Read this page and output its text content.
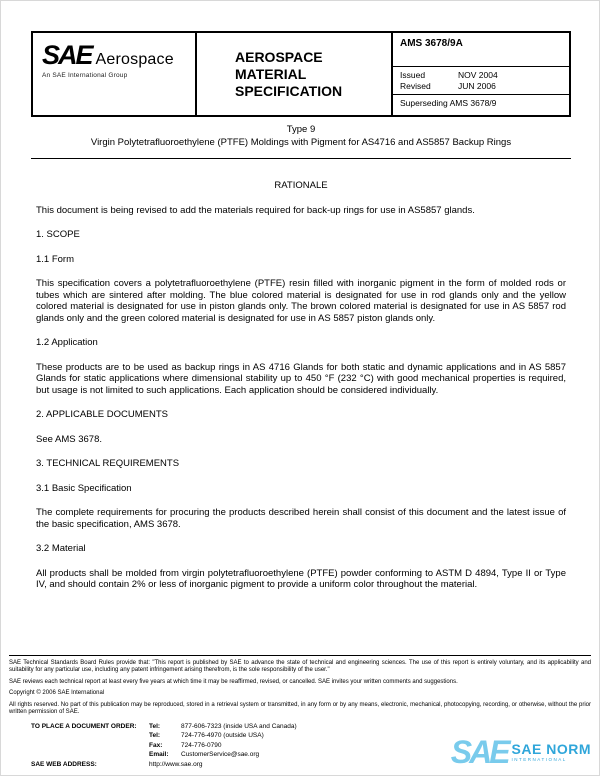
SAE Aerospace
An SAE International Group
AEROSPACE MATERIAL SPECIFICATION
AMS 3678/9A
Issued	NOV 2004
Revised	JUN 2006
Superseding AMS 3678/9
Type 9
Virgin Polytetrafluoroethylene (PTFE) Moldings with Pigment for AS4716 and AS5857 Backup Rings

RATIONALE

This document is being revised to add the materials required for back-up rings for use in AS5857 glands.

1. SCOPE

1.1 Form

This specification covers a polytetrafluoroethylene (PTFE) resin filled with inorganic pigment in the form of molded rods or tubes which are sintered after molding. The blue colored material is designated for use in rod glands only and the yellow colored material is designated for use in piston glands only. The brown colored material is designated for use in AS 5857 rod glands only and the green colored material is designated for use in AS 5857 piston glands only.

1.2 Application

These products are to be used as backup rings in AS 4716 Glands for both static and dynamic applications and in AS 5857 Glands for static applications where dimensional stability up to 450 °F (232 °C) with good mechanical properties is required, but usage is not limited to such applications. Each application should be considered individually.

2. APPLICABLE DOCUMENTS

See AMS 3678.

3. TECHNICAL REQUIREMENTS

3.1 Basic Specification

The complete requirements for procuring the products described herein shall consist of this document and the latest issue of the basic specification, AMS 3678.

3.2 Material

All products shall be molded from virgin polytetrafluoroethylene (PTFE) powder conforming to ASTM D 4894, Type II or Type IV, and should contain 2% or less of inorganic pigment to provide a uniform color throughout the material.

SAE Technical Standards Board Rules provide that: "This report is published by SAE to advance the state of technical and engineering sciences. The use of this report is entirely voluntary, and its applicability and suitability for any particular use, including any patent infringement arising therefrom, is the sole responsibility of the user."

SAE reviews each technical report at least every five years at which time it may be reaffirmed, revised, or cancelled. SAE invites your written comments and suggestions.

Copyright © 2006 SAE International

All rights reserved. No part of this publication may be reproduced, stored in a retrieval system or transmitted, in any form or by any means, electronic, mechanical, photocopying, recording, or otherwise, without the prior written permission of SAE.

TO PLACE A DOCUMENT ORDER:	Tel:	877-606-7323 (inside USA and Canada)
Tel:	724-776-4970 (outside USA)
Fax:	724-776-0790
Email:	CustomerService@sae.org
SAE WEB ADDRESS:	http://www.sae.org	SAE SAE NORM
INTERNATIONAL
